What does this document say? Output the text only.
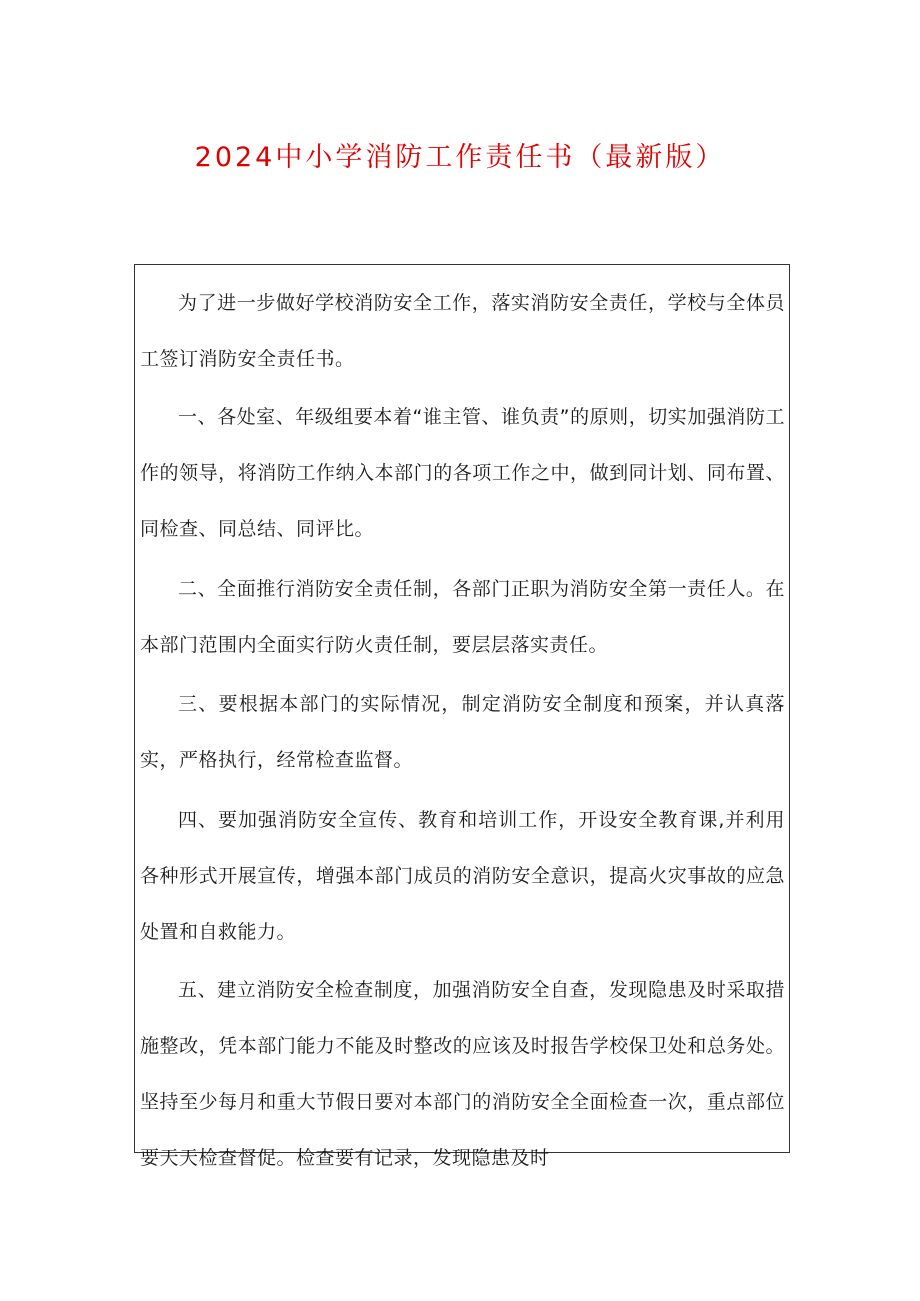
2024中小学消防工作责任书（最新版）

为了进一步做好学校消防安全工作，落实消防安全责任，学校与全体员工签订消防安全责任书。

一、各处室、年级组要本着“谁主管、谁负责”的原则，切实加强消防工作的领导，将消防工作纳入本部门的各项工作之中，做到同计划、同布置、同检查、同总结、同评比。

二、全面推行消防安全责任制，各部门正职为消防安全第一责任人。在本部门范围内全面实行防火责任制，要层层落实责任。

三、要根据本部门的实际情况，制定消防安全制度和预案，并认真落实，严格执行，经常检查监督。

四、要加强消防安全宣传、教育和培训工作，开设安全教育课,并利用各种形式开展宣传，增强本部门成员的消防安全意识，提高火灾事故的应急处置和自救能力。

五、建立消防安全检查制度，加强消防安全自查，发现隐患及时采取措施整改，凭本部门能力不能及时整改的应该及时报告学校保卫处和总务处。坚持至少每月和重大节假日要对本部门的消防安全全面检查一次，重点部位要天天检查督促。检查要有记录，发现隐患及时
